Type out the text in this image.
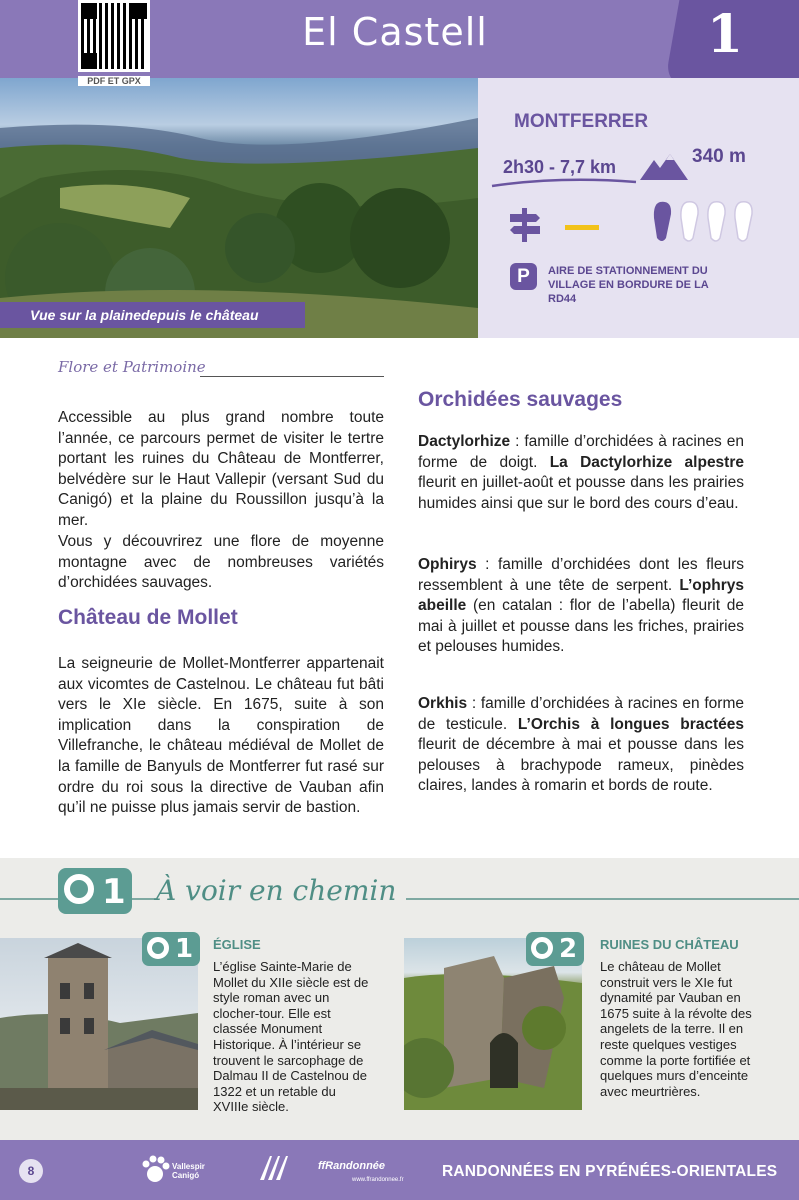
El Castell	1
Vue sur la plainedepuis le château
PDF ET GPX
MONTFERRER
2h30 - 7,7 km	340 m
P	AIRE DE STATIONNEMENT DU VILLAGE EN BORDURE DE LA RD44
Flore et Patrimoine
Accessible au plus grand nombre toute l’année, ce parcours permet de visiter le tertre portant les ruines du Château de Montferrer, belvédère sur le Haut Vallepir (versant Sud du Canigó) et la plaine du Roussillon jusqu’à la mer.
Vous y découvrirez une flore de moyenne montagne avec de nombreuses variétés d’orchidées sauvages.
Château de Mollet
La seigneurie de Mollet-Montferrer appartenait aux vicomtes de Castelnou. Le château fut bâti vers le XIe siècle. En 1675, suite à son implication dans la conspiration de Villefranche, le château médiéval de Mollet de la famille de Banyuls de Montferrer fut rasé sur ordre du roi sous la directive de Vauban afin qu’il ne puisse plus jamais servir de bastion.
Orchidées sauvages
Dactylorhize : famille d’orchidées à racines en forme de doigt. La Dactylorhize alpestre fleurit en juillet-août et pousse dans les prairies humides ainsi que sur le bord des cours d’eau.
Ophirys : famille d’orchidées dont les fleurs ressemblent à une tête de serpent. L’ophrys abeille (en catalan : flor de l’abella) fleurit de mai à juillet et pousse dans les friches, prairies et pelouses humides.
Orkhis : famille d’orchidées à racines en forme de testicule. L’Orchis à longues bractées fleurit de décembre à mai et pousse dans les pelouses à brachypode rameux, pinèdes claires, landes à romarin et bords de route.
1 À voir en chemin
1 ÉGLISE
L’église Sainte-Marie de Mollet du XIIe siècle est de style roman avec un clocher-tour. Elle est classée Monument Historique. À l’intérieur se trouvent le sarcophage de Dalmau II de Castelnou de 1322 et un retable du XVIIIe siècle.
2 RUINES DU CHÂTEAU
Le château de Mollet construit vers le XIe fut dynamité par Vauban en 1675 suite à la révolte des angelets de la terre. Il en reste quelques vestiges comme la porte fortifiée et quelques murs d’enceinte avec meurtrières.
8	Vallespir Canigó
ffRandonnée
www.ffrandonnee.fr RANDONNÉES EN PYRÉNÉES-ORIENTALES
